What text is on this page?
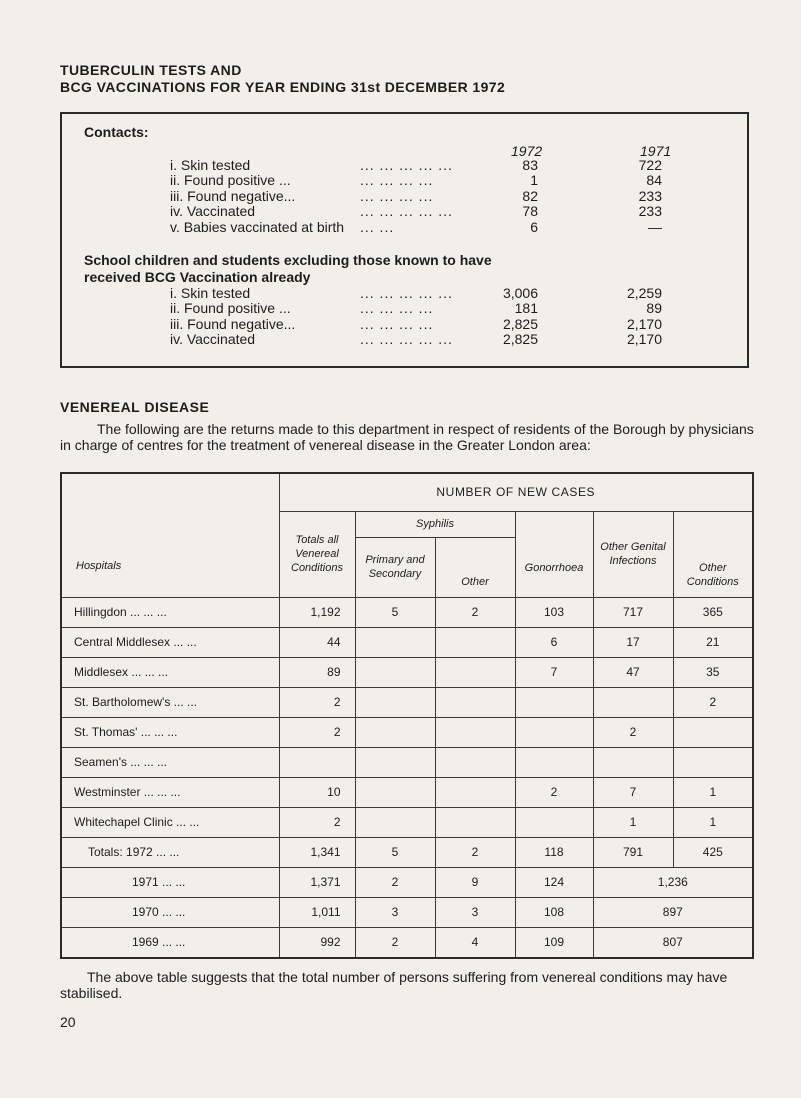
TUBERCULIN TESTS AND
BCG VACCINATIONS FOR YEAR ENDING 31st DECEMBER 1972
Contacts:
1972	1971
i. Skin tested	... ... ... ... ...	83	722
ii. Found positive ...	... ... ... ...	1	84
iii. Found negative...	... ... ... ...	82	233
iv. Vaccinated	... ... ... ... ...	78	233
v. Babies vaccinated at birth ... ...	6	—
School children and students excluding those known to have
received BCG Vaccination already
i. Skin tested	... ... ... ... ...	3,006	2,259
ii. Found positive ...	... ... ... ...	181	89
iii. Found negative...	... ... ... ...	2,825	2,170
iv. Vaccinated	... ... ... ... ...	2,825	2,170
VENEREAL DISEASE
The following are the returns made to this department in respect of residents of the Borough by physicians in charge of centres for the treatment of venereal disease in the Greater London area:
Hospitals	NUMBER OF NEW CASES					
	Totals all Venereal Conditions	Syphilis		Gonorrhoea	Other Genital Infections	Other Conditions
		Primary and Secondary	Other			
Hillingdon ... ... ...	1,192	5	2	103	717	365
Central Middlesex ... ...	44			6	17	21
Middlesex ... ... ...	89			7	47	35
St. Bartholomew's ... ...	2					2
St. Thomas' ... ... ...	2				2	
Seamen's ... ... ...						
Westminster ... ... ...	10			2	7	1
Whitechapel Clinic ... ...	2				1	1
Totals: 1972 ... ...	1,341	5	2	118	791	425
1971 ... ...	1,371	2	9	124	1,236	
1970 ... ...	1,011	3	3	108	897	
1969 ... ...	992	2	4	109	807	
The above table suggests that the total number of persons suffering from venereal conditions may have stabilised.
20
